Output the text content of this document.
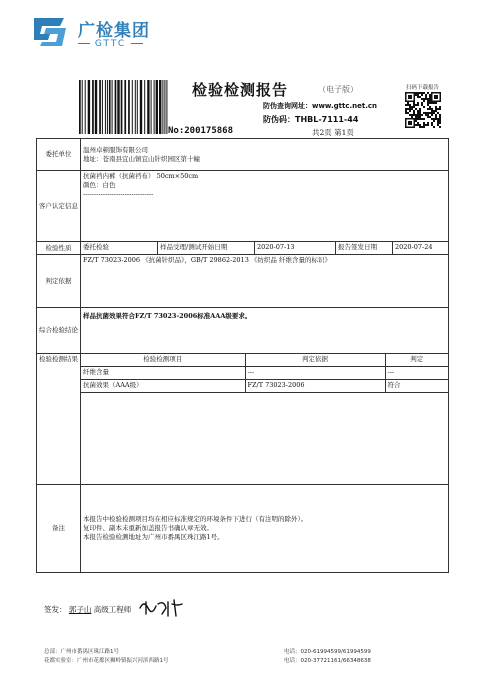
广检集团
GTTC
No:200175868
检验检测报告	（电子版）
防伪查询网址：www.gttc.net.cn
防伪码：THBL-7111-44
共2页 第1页
扫码下载报告
委托单位	
温州卓顿服饰有限公司
地址：苍南县宜山镇宜山针织园区第十幢

客户认定信息	
抗菌裆内裤（抗菌裆布） 50cm×50cm
颜色：白色
--------------------------------

检验性质	委托检验	样品受理/测试开始日期	2020-07-13	报告签发日期	2020-07-24

判定依据	FZ/T 73023-2006 《抗菌针织品》，GB/T 29862-2013 《纺织品 纤维含量的标识》
综合检验结论	样品抗菌效果符合FZ/T 73023-2006标准AAA级要求。
检验检测结果		检验检测项目	判定依据	判定
纤维含量	---	---
抗菌效果（AAA级）	FZ/T 73023-2006	符合

备注	
本报告中检验检测项目均在相应标准规定的环境条件下进行（有注明的除外）。
复印件、副本未重新加盖报告书确认章无效。
本报告检验检测地址为广州市番禺区珠江路1号。
签发： 郭子山 高级工程师
总部：广州市番禺区珠江路1号	电话：020-61994599/61994599
花都实验室：广州市花都区狮岭镇振兴河滨西路1号	电话：020-37721161/66348638
